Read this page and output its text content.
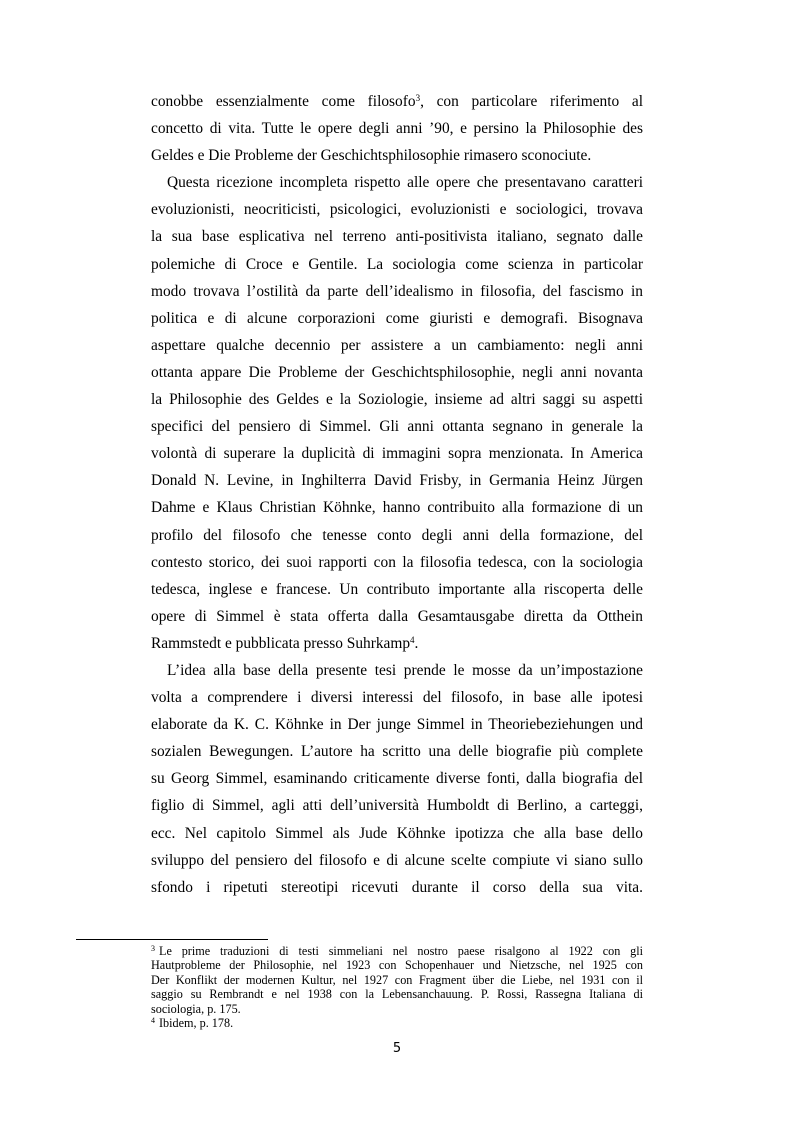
conobbe essenzialmente come filosofo$^3$, con particolare riferimento al
concetto di vita. Tutte le opere degli anni ’90, e persino la Philosophie des
Geldes e Die Probleme der Geschichtsphilosophie rimasero sconociute.
Questa ricezione incompleta rispetto alle opere che presentavano caratteri
evoluzionisti, neocriticisti, psicologici, evoluzionisti e sociologici, trovava
la sua base esplicativa nel terreno anti-positivista italiano, segnato dalle
polemiche di Croce e Gentile. La sociologia come scienza in particolar
modo trovava l’ostilità da parte dell’idealismo in filosofia, del fascismo in
politica e di alcune corporazioni come giuristi e demografi. Bisognava
aspettare qualche decennio per assistere a un cambiamento: negli anni
ottanta appare Die Probleme der Geschichtsphilosophie, negli anni novanta
la Philosophie des Geldes e la Soziologie, insieme ad altri saggi su aspetti
specifici del pensiero di Simmel. Gli anni ottanta segnano in generale la
volontà di superare la duplicità di immagini sopra menzionata. In America
Donald N. Levine, in Inghilterra David Frisby, in Germania Heinz Jürgen
Dahme e Klaus Christian Köhnke, hanno contribuito alla formazione di un
profilo del filosofo che tenesse conto degli anni della formazione, del
contesto storico, dei suoi rapporti con la filosofia tedesca, con la sociologia
tedesca, inglese e francese. Un contributo importante alla riscoperta delle
opere di Simmel è stata offerta dalla Gesamtausgabe diretta da Otthein
Rammstedt e pubblicata presso Suhrkamp$^4$.
L’idea alla base della presente tesi prende le mosse da un’impostazione
volta a comprendere i diversi interessi del filosofo, in base alle ipotesi
elaborate da K. C. Köhnke in Der junge Simmel in Theoriebeziehungen und
sozialen Bewegungen. L’autore ha scritto una delle biografie più complete
su Georg Simmel, esaminando criticamente diverse fonti, dalla biografia del
figlio di Simmel, agli atti dell’università Humboldt di Berlino, a carteggi,
ecc. Nel capitolo Simmel als Jude Köhnke ipotizza che alla base dello
sviluppo del pensiero del filosofo e di alcune scelte compiute vi siano sullo
sfondo i ripetuti stereotipi ricevuti durante il corso della sua vita.
$^3$ Le prime traduzioni di testi simmeliani nel nostro paese risalgono al 1922 con gli
Hautprobleme der Philosophie, nel 1923 con Schopenhauer und Nietzsche, nel 1925 con
Der Konflikt der modernen Kultur, nel 1927 con Fragment über die Liebe, nel 1931 con il
saggio su Rembrandt e nel 1938 con la Lebensanchauung. P. Rossi, Rassegna Italiana di
sociologia, p. 175.
$^4$ Ibidem, p. 178.
5
